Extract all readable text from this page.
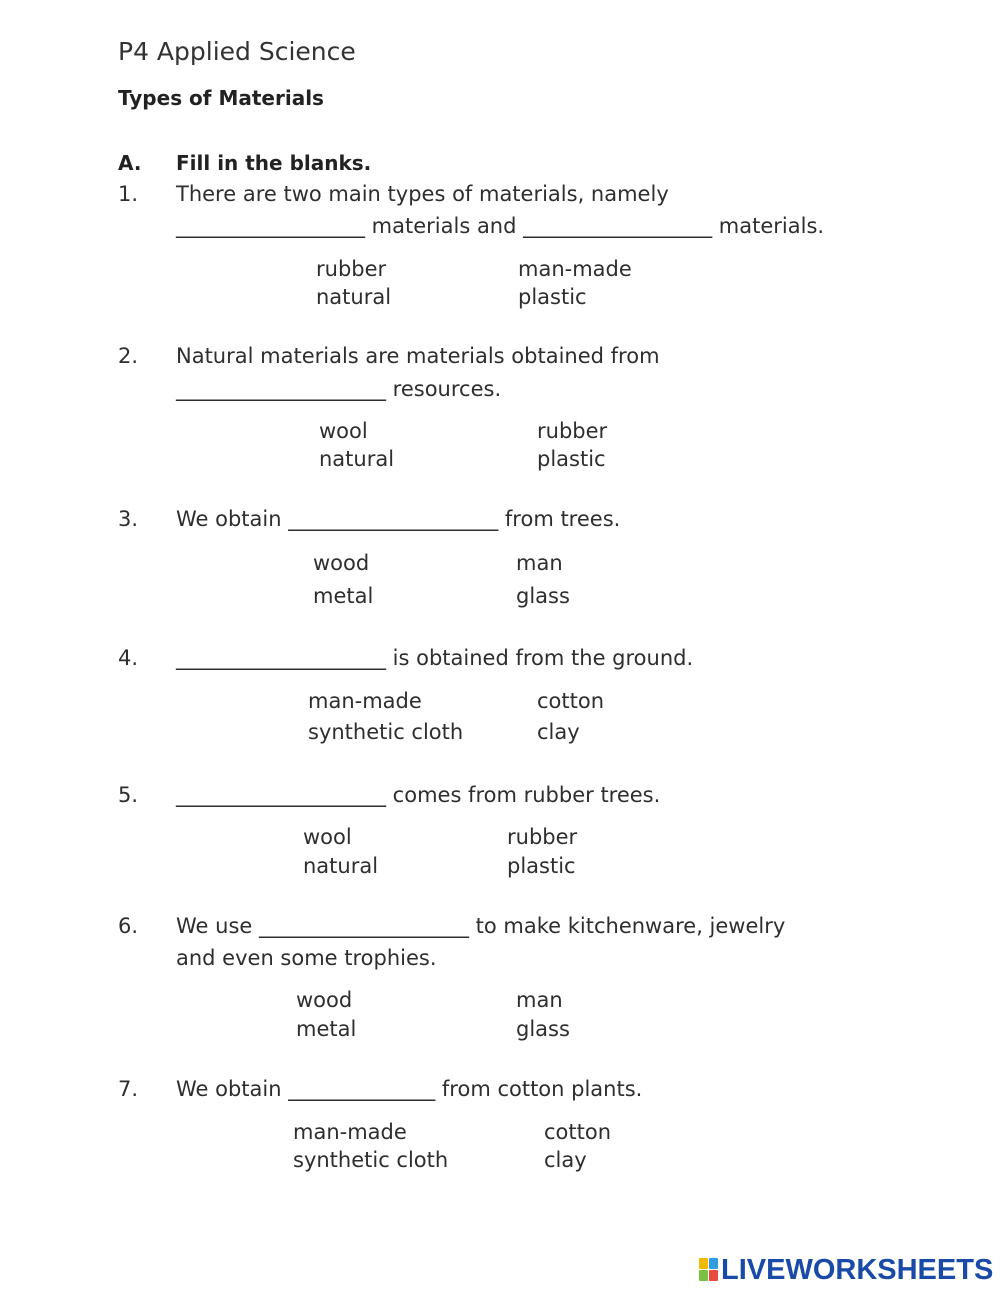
P4 Applied Science
Types of Materials
A. Fill in the blanks.
1. There are two main types of materials, namely
__________________ materials and __________________ materials.
rubber	man-made
natural	plastic
2. Natural materials are materials obtained from
____________________ resources.
wool	rubber
natural	plastic
3. We obtain ____________________ from trees.
wood	man
metal	glass
4. ____________________ is obtained from the ground.
man-made	cotton
synthetic cloth	clay
5. ____________________ comes from rubber trees.
wool	rubber
natural	plastic
6. We use ____________________ to make kitchenware, jewelry
and even some trophies.
wood	man
metal	glass
7. We obtain ______________ from cotton plants.
man-made	cotton
synthetic cloth	clay
LIVEWORKSHEETS
